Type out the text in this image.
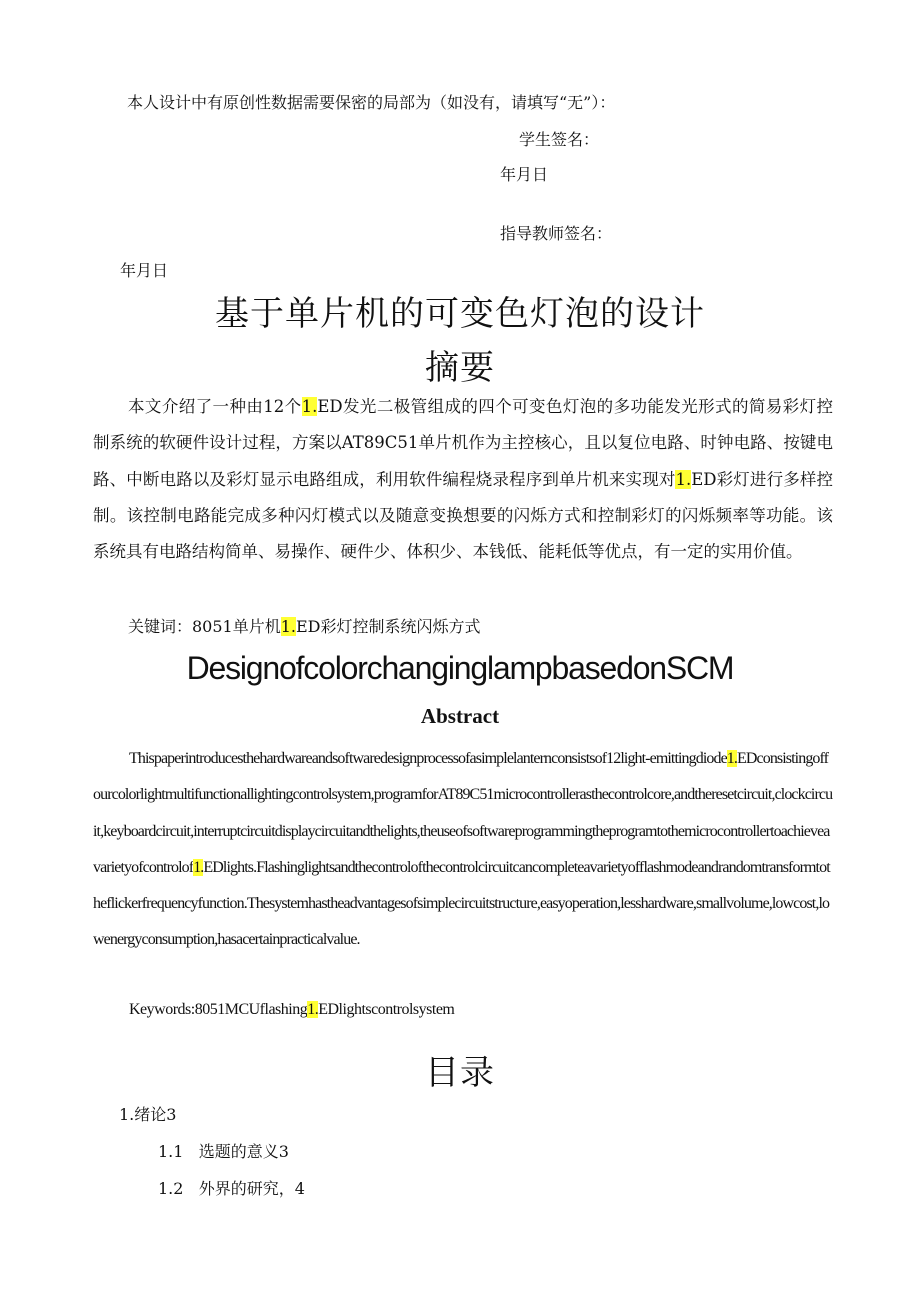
本人设计中有原创性数据需要保密的局部为（如没有，请填写“无”）：
学生签名：
年月日
指导教师签名：
年月日
基于单片机的可变色灯泡的设计
摘要

本文介绍了一种由12个1.ED发光二极管组成的四个可变色灯泡的多功能发光形式的简易彩灯控制系统的软硬件设计过程，方案以AT89C51单片机作为主控核心，且以复位电路、时钟电路、按键电路、中断电路以及彩灯显示电路组成，利用软件编程烧录程序到单片机来实现对1.ED彩灯进行多样控制。该控制电路能完成多种闪灯模式以及随意变换想要的闪烁方式和控制彩灯的闪烁频率等功能。该系统具有电路结构简单、易操作、硬件少、体积少、本钱低、能耗低等优点，有一定的实用价值。

关键词：8051单片机1.ED彩灯控制系统闪烁方式
DesignofcolorchanginglampbasedonSCM
Abstract
Thispaperintroducesthehardwareandsoftwaredesignprocessofasimplelanternconsistsof12light-emittingdiode1.EDconsistingoffourcolorlightmultifunctionallightingcontrolsystem,programforAT89C51microcontrollerasthecontrolcore,andtheresetcircuit,clockcircuit,keyboardcircuit,interruptcircuitdisplaycircuitandthelights,theuseofsoftwareprogrammingtheprogramtothemicrocontrollertoachieveavarietyofcontrolof1.EDlights.Flashinglightsandthecontrolofthecontrolcircuitcancompleteavarietyofflashmodeandrandomtransformtotheflickerfrequencyfunction.Thesystemhastheadvantagesofsimplecircuitstructure,easyoperation,lesshardware,smallvolume,lowcost,lowenergyconsumption,hasacertainpracticalvalue.
Keywords:8051MCUflashing1.EDlightscontrolsystem
目录
1.绪论3
1.1   选题的意义3
1.2   外界的研究，4
